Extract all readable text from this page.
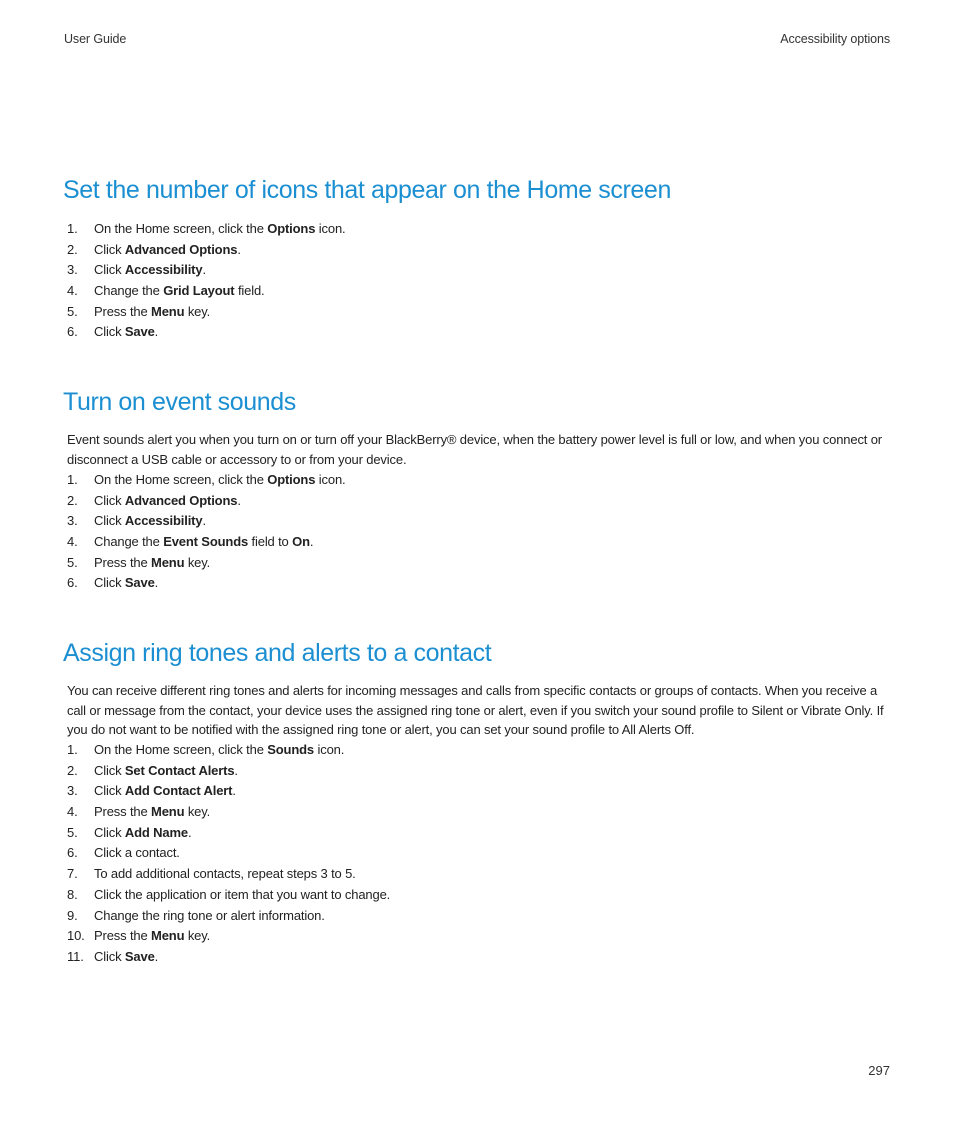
User Guide	Accessibility options
Set the number of icons that appear on the Home screen
1. On the Home screen, click the Options icon.
2. Click Advanced Options.
3. Click Accessibility.
4. Change the Grid Layout field.
5. Press the Menu key.
6. Click Save.
Turn on event sounds

Event sounds alert you when you turn on or turn off your BlackBerry® device, when the battery power level is full or low, and when you connect or disconnect a USB cable or accessory to or from your device.

1. On the Home screen, click the Options icon.
2. Click Advanced Options.
3. Click Accessibility.
4. Change the Event Sounds field to On.
5. Press the Menu key.
6. Click Save.
Assign ring tones and alerts to a contact

You can receive different ring tones and alerts for incoming messages and calls from specific contacts or groups of contacts. When you receive a call or message from the contact, your device uses the assigned ring tone or alert, even if you switch your sound profile to Silent or Vibrate Only. If you do not want to be notified with the assigned ring tone or alert, you can set your sound profile to All Alerts Off.

1. On the Home screen, click the Sounds icon.
2. Click Set Contact Alerts.
3. Click Add Contact Alert.
4. Press the Menu key.
5. Click Add Name.
6. Click a contact.
7. To add additional contacts, repeat steps 3 to 5.
8. Click the application or item that you want to change.
9. Change the ring tone or alert information.
10. Press the Menu key.
11. Click Save.
297
